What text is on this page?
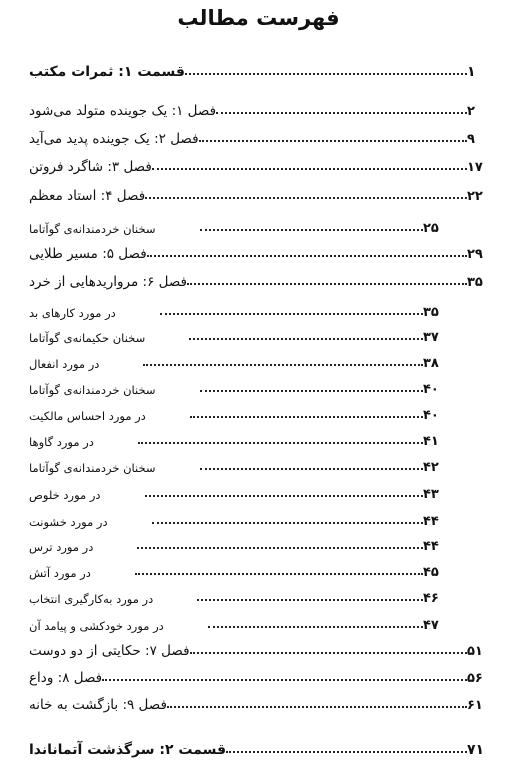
فهرست مطالب
قسمت ۱: ثمرات مکتب	۱
فصل ۱: یک جوینده متولد می‌شود	۲
فصل ۲: یک جوینده پدید می‌آید	۹
فصل ۳: شاگرد فروتن	۱۷
فصل ۴: استاد معظم	۲۲
سخنان خردمندانه‌ی گوآتاما	۲۵
فصل ۵: مسیر طلایی	۲۹
فصل ۶: مرواریدهایی از خرد	۳۵
در مورد کارهای بد	۳۵
سخنان حکیمانه‌ی گوآتاما	۳۷
در مورد انفعال	۳۸
سخنان خردمندانه‌ی گوآتاما	۴۰
در مورد احساس مالکیت	۴۰
در مورد گاوها	۴۱
سخنان خردمندانه‌ی گوآتاما	۴۲
در مورد خلوص	۴۳
در مورد خشونت	۴۴
در مورد ترس	۴۴
در مورد آتش	۴۵
در مورد به‌کارگیری انتخاب	۴۶
در مورد خودکشی و پیامد آن	۴۷
فصل ۷: حکایتی از دو دوست	۵۱
فصل ۸: وداع	۵۶
فصل ۹: بازگشت به خانه	۶۱
قسمت ۲: سرگذشت آتماناندا	۷۱
